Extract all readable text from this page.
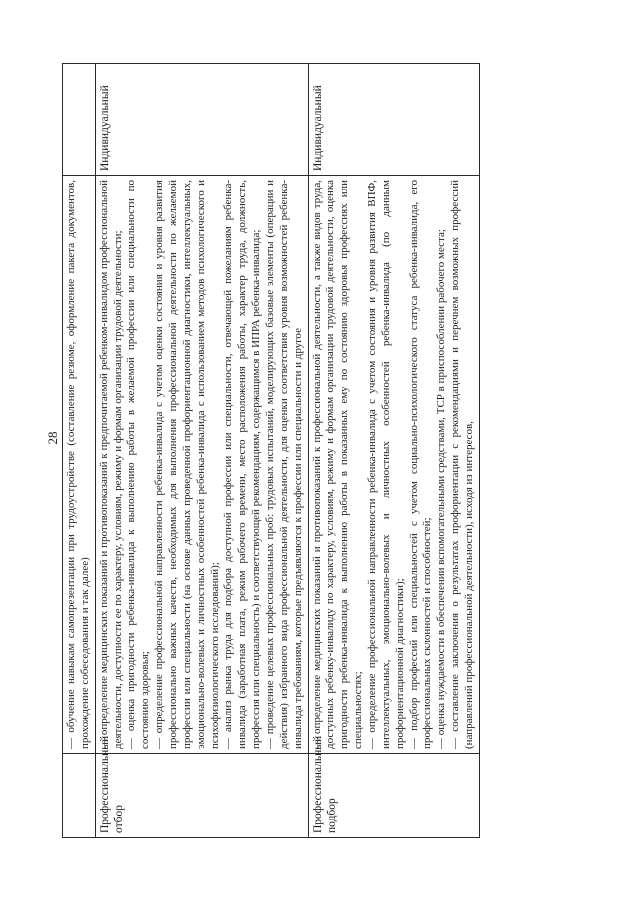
28

	— обучение навыкам самопрезентации при трудоустройстве (составление резюме, оформление пакета документов, прохождение собеседования и так далее)	

Профессиональный отбор	— определение медицинских показаний и противопоказаний к предпочитаемой ребенком-инвалидом профессиональной деятельности, доступности ее по характеру, условиям, режиму и формам организации трудовой деятельности; — оценка пригодности ребенка-инвалида к выполнению работы в желаемой профессии или специальности по состоянию здоровья; — определение профессиональной направленности ребенка-инвалида с учетом оценки состояния и уровня развития профессионально важных качеств, необходимых для выполнения профессиональной деятельности по желаемой профессии или специальности (на основе данных проведенной профориентационной диагностики, интеллектуальных, эмоционально-волевых и личностных особенностей ребенка-инвалида с использованием методов психологического и психофизиологического исследований); — анализ рынка труда для подбора доступной профессии или специальности, отвечающей пожеланиям ребенка-инвалида (заработная плата, режим рабочего времени, место расположения работы, характер труда, должность, профессия или специальность) и соответствующей рекомендациям, содержащимся в ИПРА ребенка-инвалида; — проведение целевых профессиональных проб: трудовых испытаний, моделирующих базовые элементы (операции и действия) избранного вида профессиональной деятельности, для оценки соответствия уровня возможностей ребенка-инвалида требованиям, которые предъявляются к профессии или специальности и другое	Индивидуальный
Профессиональный подбор	— определение медицинских показаний и противопоказаний к профессиональной деятельности, а также видов труда, доступных ребенку-инвалиду по характеру, условиям, режиму и формам организации трудовой деятельности, оценка пригодности ребенка-инвалида к выполнению работы в показанных ему по состоянию здоровья профессиях или специальностях; — определение профессиональной направленности ребенка-инвалида с учетом состояния и уровня развития ВПФ, интеллектуальных, эмоционально-волевых и личностных особенностей ребенка-инвалида (по данным профориентационной диагностики); — подбор профессий или специальностей с учетом социально-психологического статуса ребенка-инвалида, его профессиональных склонностей и способностей; — оценка нуждаемости в обеспечении вспомогательными средствами, ТСР в приспособлении рабочего места; — составление заключения о результатах профориентации с рекомендациями и перечнем возможных профессий (направлений профессиональной деятельности), исходя из интересов,	Индивидуальный
